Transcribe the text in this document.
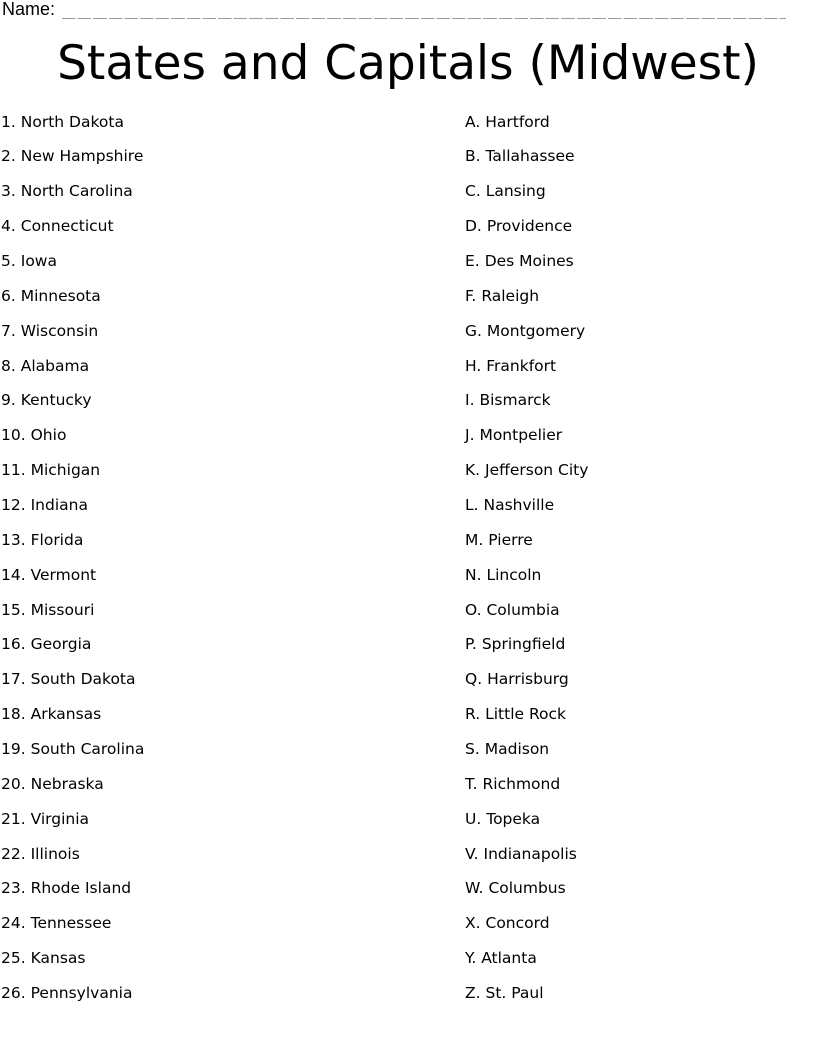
Name:
States and Capitals (Midwest)
1. North Dakota	A. Hartford
2. New Hampshire	B. Tallahassee
3. North Carolina	C. Lansing
4. Connecticut	D. Providence
5. Iowa	E. Des Moines
6. Minnesota	F. Raleigh
7. Wisconsin	G. Montgomery
8. Alabama	H. Frankfort
9. Kentucky	I. Bismarck
10. Ohio	J. Montpelier
11. Michigan	K. Jefferson City
12. Indiana	L. Nashville
13. Florida	M. Pierre
14. Vermont	N. Lincoln
15. Missouri	O. Columbia
16. Georgia	P. Springfield
17. South Dakota	Q. Harrisburg
18. Arkansas	R. Little Rock
19. South Carolina	S. Madison
20. Nebraska	T. Richmond
21. Virginia	U. Topeka
22. Illinois	V. Indianapolis
23. Rhode Island	W. Columbus
24. Tennessee	X. Concord
25. Kansas	Y. Atlanta
26. Pennsylvania	Z. St. Paul
